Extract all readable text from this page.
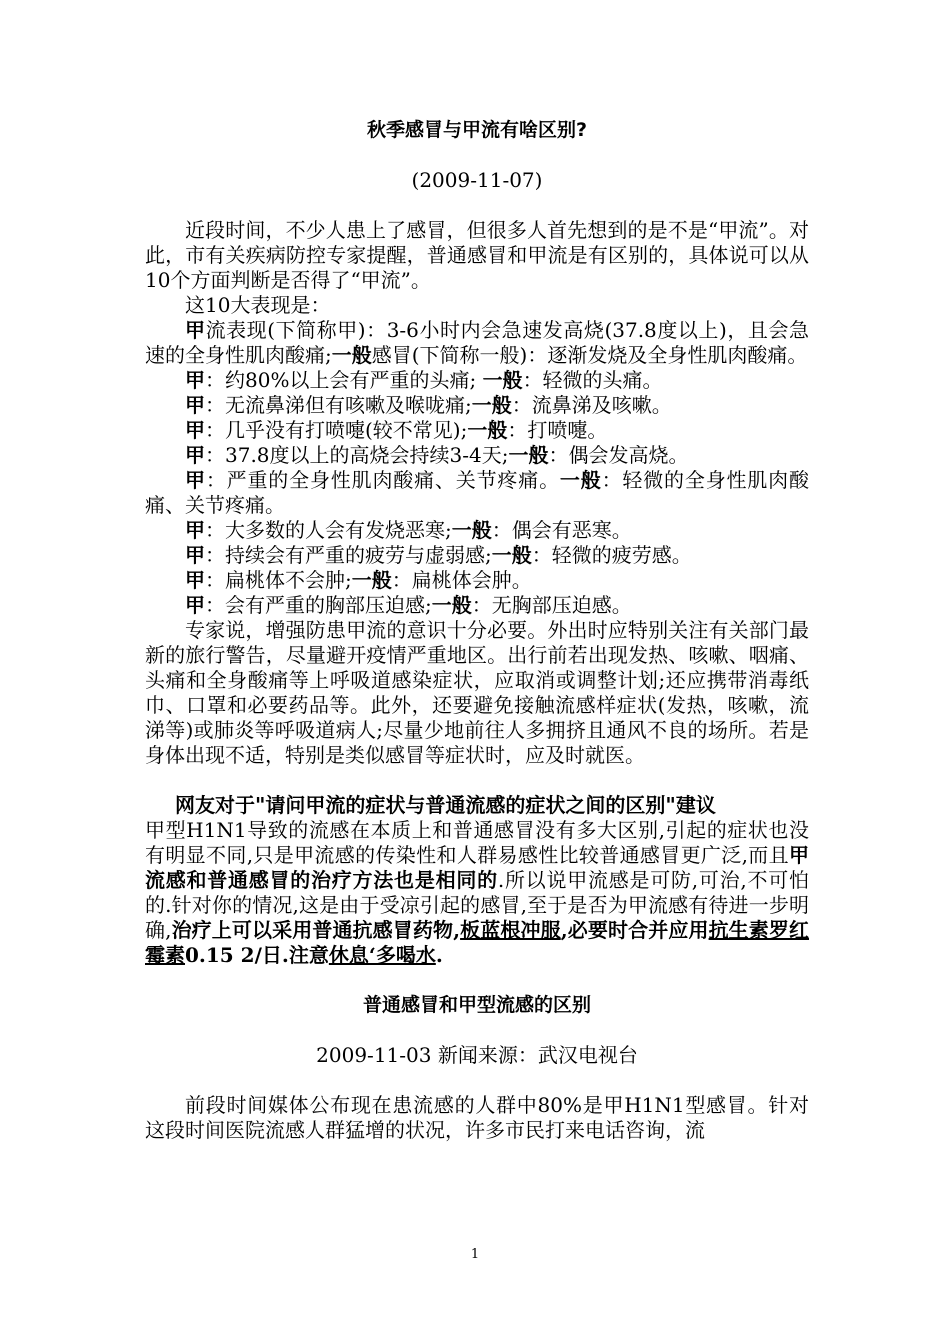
秋季感冒与甲流有啥区别?

(2009-11-07)

近段时间，不少人患上了感冒，但很多人首先想到的是不是“甲流”。对此，市有关疾病防控专家提醒，普通感冒和甲流是有区别的，具体说可以从10个方面判断是否得了“甲流”。

这10大表现是：

甲流表现(下简称甲)：3-6小时内会急速发高烧(37.8度以上)，且会急速的全身性肌肉酸痛;一般感冒(下简称一般)：逐渐发烧及全身性肌肉酸痛。

甲：约80%以上会有严重的头痛; 一般：轻微的头痛。

甲：无流鼻涕但有咳嗽及喉咙痛;一般：流鼻涕及咳嗽。

甲：几乎没有打喷嚏(较不常见);一般：打喷嚏。

甲：37.8度以上的高烧会持续3-4天;一般：偶会发高烧。

甲：严重的全身性肌肉酸痛、关节疼痛。一般：轻微的全身性肌肉酸痛、关节疼痛。

甲：大多数的人会有发烧恶寒;一般：偶会有恶寒。

甲：持续会有严重的疲劳与虚弱感;一般：轻微的疲劳感。

甲：扁桃体不会肿;一般：扁桃体会肿。

甲：会有严重的胸部压迫感;一般：无胸部压迫感。

专家说，增强防患甲流的意识十分必要。外出时应特别关注有关部门最新的旅行警告，尽量避开疫情严重地区。出行前若出现发热、咳嗽、咽痛、头痛和全身酸痛等上呼吸道感染症状，应取消或调整计划;还应携带消毒纸巾、口罩和必要药品等。此外，还要避免接触流感样症状(发热，咳嗽，流涕等)或肺炎等呼吸道病人;尽量少地前往人多拥挤且通风不良的场所。若是身体出现不适，特别是类似感冒等症状时，应及时就医。

网友对于"请问甲流的症状与普通流感的症状之间的区别"建议

甲型H1N1导致的流感在本质上和普通感冒没有多大区别,引起的症状也没有明显不同,只是甲流感的传染性和人群易感性比较普通感冒更广泛,而且甲流感和普通感冒的治疗方法也是相同的.所以说甲流感是可防,可治,不可怕的.针对你的情况,这是由于受凉引起的感冒,至于是否为甲流感有待进一步明确,治疗上可以采用普通抗感冒药物,板蓝根冲服,必要时合并应用抗生素罗红霉素0.15 2/日.注意休息‘多喝水.

普通感冒和甲型流感的区别

2009-11-03 新闻来源：武汉电视台

前段时间媒体公布现在患流感的人群中80%是甲H1N1型感冒。针对这段时间医院流感人群猛增的状况，许多市民打来电话咨询，流

1
